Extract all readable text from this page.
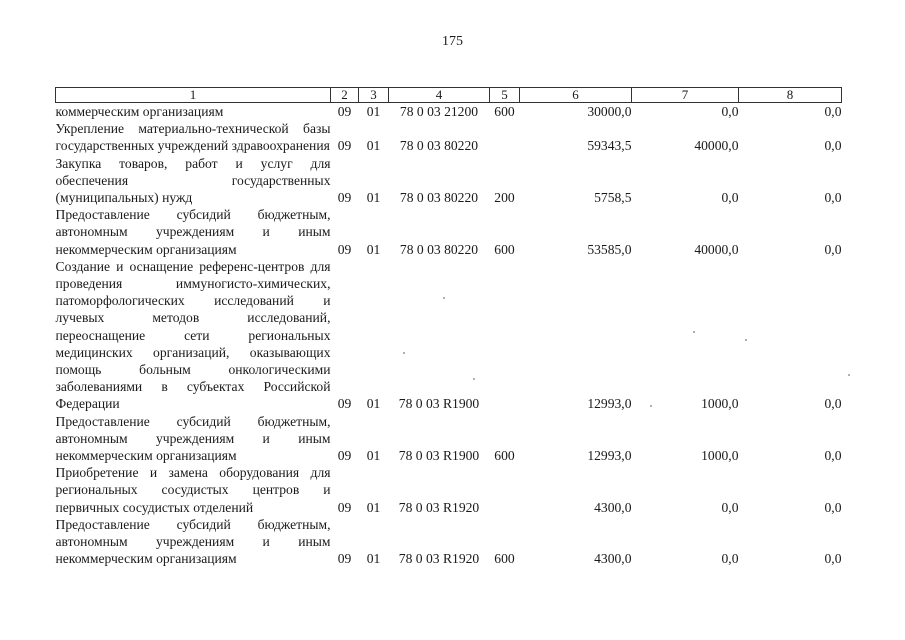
175
1	2	3	4	5	6	7	8
коммерческим организациям	09	01	78 0 03 21200	600	30000,0	0,0	0,0
Укрепление материально-технической базы государственных учреждений здравоохранения	09	01	78 0 03 80220		59343,5	40000,0	0,0
Закупка товаров, работ и услуг для обеспечения государственных (муниципальных) нужд	09	01	78 0 03 80220	200	5758,5	0,0	0,0
Предоставление субсидий бюджетным, автономным учреждениям и иным некоммерческим организациям	09	01	78 0 03 80220	600	53585,0	40000,0	0,0
Создание и оснащение референс-центров для проведения иммуногисто-химических, патоморфологических исследований и лучевых методов исследований, переоснащение сети региональных медицинских организаций, оказывающих помощь больным онкологическими заболеваниями в субъектах Российской Федерации	09	01	78 0 03 R1900		12993,0	1000,0	0,0
Предоставление субсидий бюджетным, автономным учреждениям и иным некоммерческим организациям	09	01	78 0 03 R1900	600	12993,0	1000,0	0,0
Приобретение и замена оборудования для региональных сосудистых центров и первичных сосудистых отделений	09	01	78 0 03 R1920		4300,0	0,0	0,0
Предоставление субсидий бюджетным, автономным учреждениям и иным некоммерческим организациям	09	01	78 0 03 R1920	600	4300,0	0,0	0,0
